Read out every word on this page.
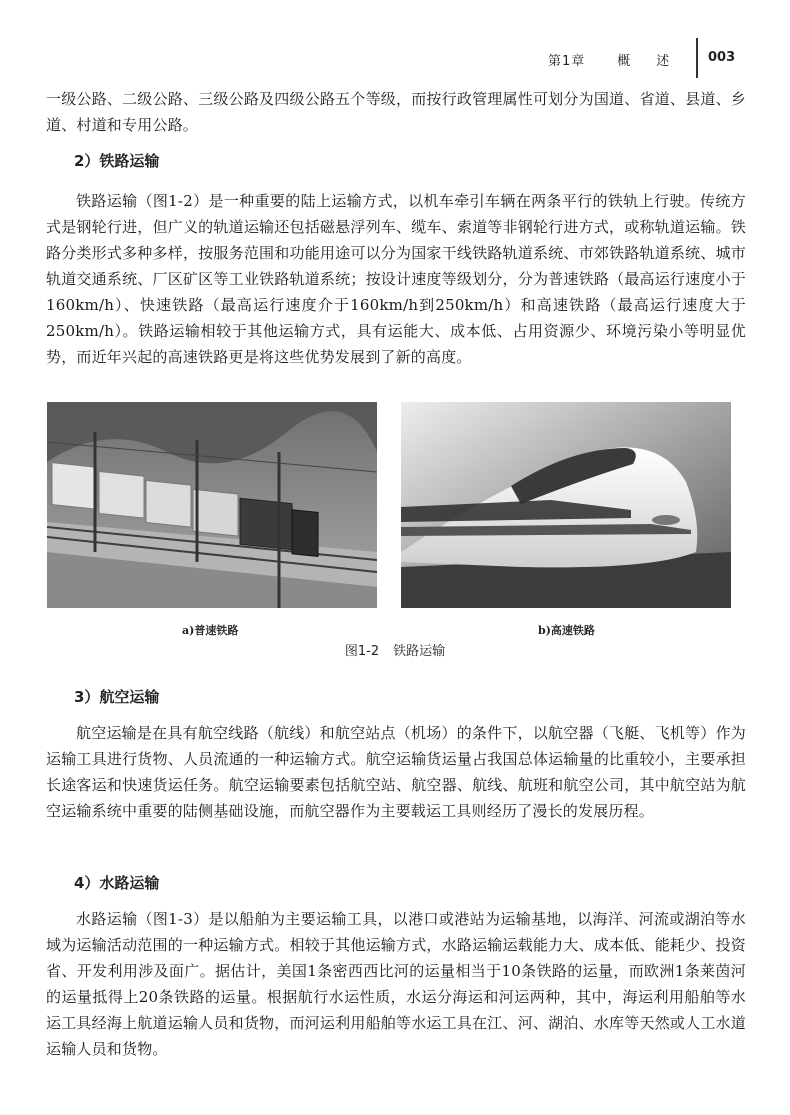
第1章 概述 003

一级公路、二级公路、三级公路及四级公路五个等级，而按行政管理属性可划分为国道、省道、县道、乡道、村道和专用公路。

2）铁路运输

铁路运输（图1-2）是一种重要的陆上运输方式，以机车牵引车辆在两条平行的铁轨上行驶。传统方式是钢轮行进，但广义的轨道运输还包括磁悬浮列车、缆车、索道等非钢轮行进方式，或称轨道运输。铁路分类形式多种多样，按服务范围和功能用途可以分为国家干线铁路轨道系统、市郊铁路轨道系统、城市轨道交通系统、厂区矿区等工业铁路轨道系统；按设计速度等级划分，分为普速铁路（最高运行速度小于160km/h）、快速铁路（最高运行速度介于160km/h到250km/h）和高速铁路（最高运行速度大于250km/h）。铁路运输相较于其他运输方式，具有运能大、成本低、占用资源少、环境污染小等明显优势，而近年兴起的高速铁路更是将这些优势发展到了新的高度。

a)普速铁路	b)高速铁路
图1-2 铁路运输
3）航空运输

航空运输是在具有航空线路（航线）和航空站点（机场）的条件下，以航空器（飞艇、飞机等）作为运输工具进行货物、人员流通的一种运输方式。航空运输货运量占我国总体运输量的比重较小，主要承担长途客运和快速货运任务。航空运输要素包括航空站、航空器、航线、航班和航空公司，其中航空站为航空运输系统中重要的陆侧基础设施，而航空器作为主要载运工具则经历了漫长的发展历程。

4）水路运输

水路运输（图1-3）是以船舶为主要运输工具，以港口或港站为运输基地，以海洋、河流或湖泊等水域为运输活动范围的一种运输方式。相较于其他运输方式，水路运输运载能力大、成本低、能耗少、投资省、开发利用涉及面广。据估计，美国1条密西西比河的运量相当于10条铁路的运量，而欧洲1条莱茵河的运量抵得上20条铁路的运量。根据航行水运性质，水运分海运和河运两种，其中，海运利用船舶等水运工具经海上航道运输人员和货物，而河运利用船舶等水运工具在江、河、湖泊、水库等天然或人工水道运输人员和货物。
